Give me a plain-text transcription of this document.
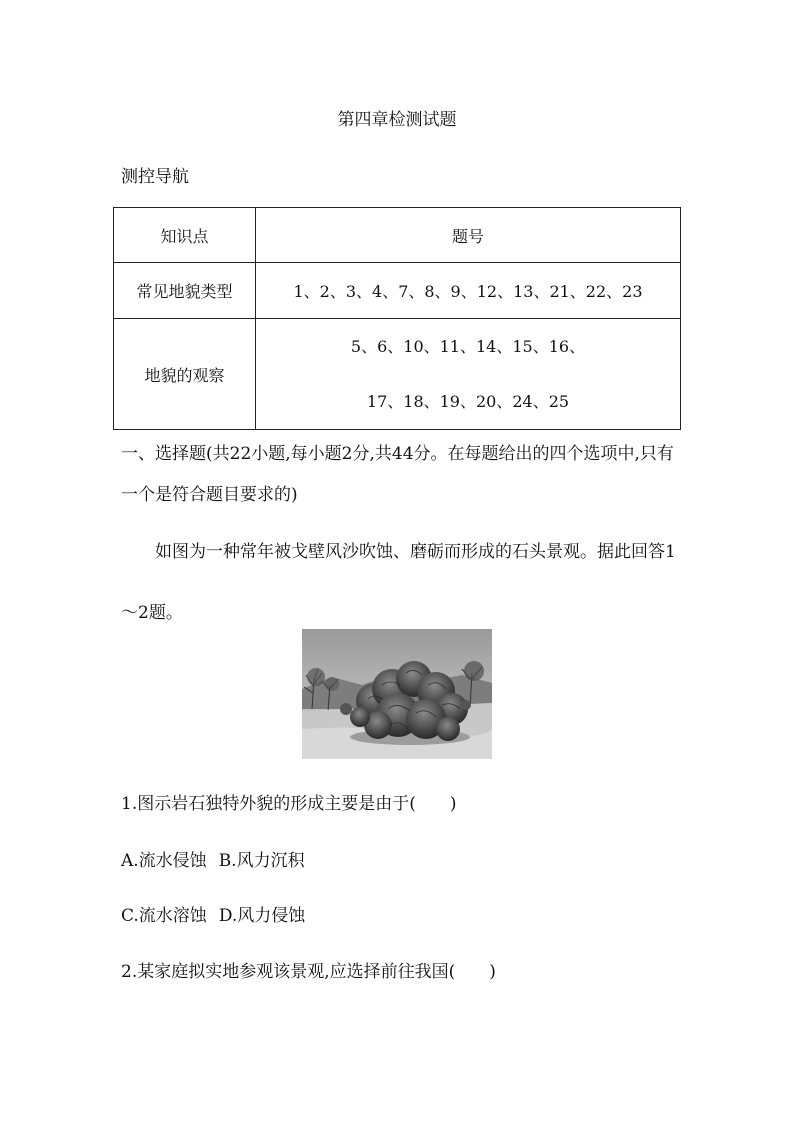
第四章检测试题
测控导航
知识点	题号
常见地貌类型	1、2、3、4、7、8、9、12、13、21、22、23
地貌的观察	5、6、10、11、14、15、16、
17、18、19、20、24、25
一、选择题(共22小题,每小题2分,共44分。在每题给出的四个选项中,只有一个是符合题目要求的)
如图为一种常年被戈壁风沙吹蚀、磨砺而形成的石头景观。据此回答1～2题。
1.图示岩石独特外貌的形成主要是由于(　　)
A.流水侵蚀 B.风力沉积
C.流水溶蚀 D.风力侵蚀
2.某家庭拟实地参观该景观,应选择前往我国(　　)
